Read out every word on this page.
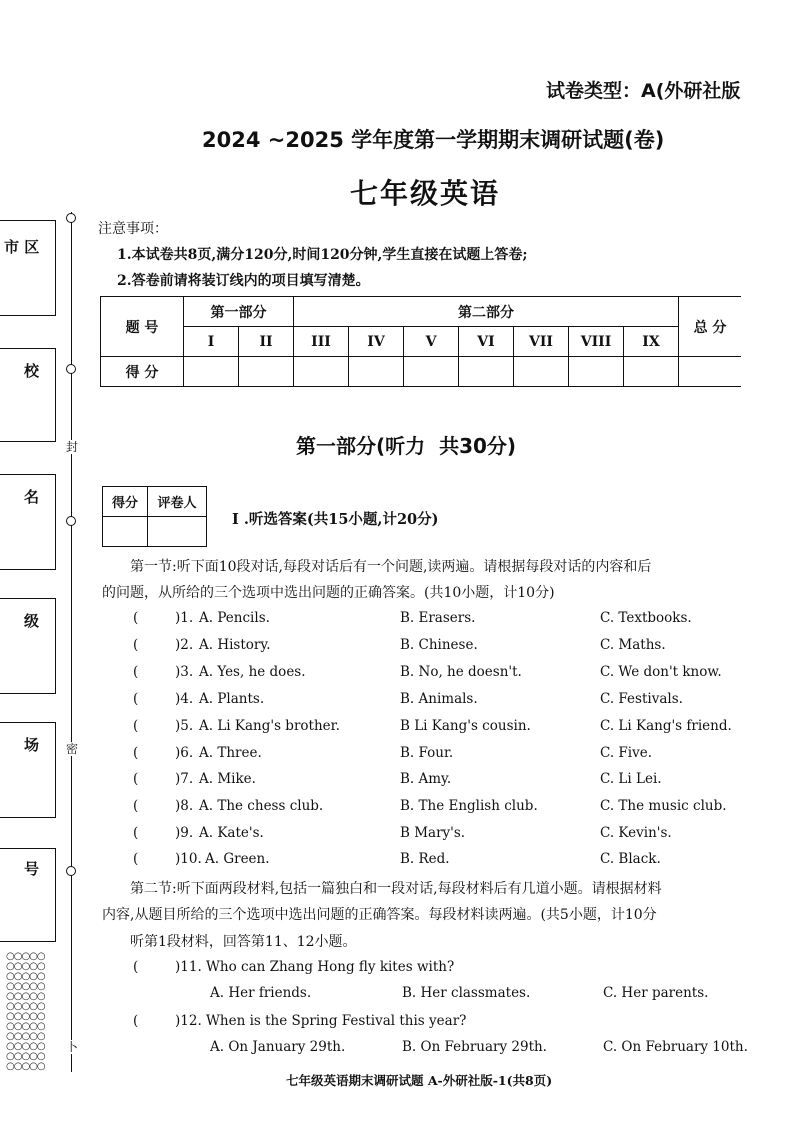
试卷类型：A(外研社版
2024 ~2025 学年度第一学期期末调研试题(卷)
七年级英语
市 区
校
名
级
场
号
封
密
卜
○○○○○
○○○○○
○○○○○
○○○○○
○○○○○
○○○○○
○○○○○
○○○○○
○○○○○
○○○○○
○○○○○
○○○○○
注意事项：
1.本试卷共8页,满分120分,时间120分钟,学生直接在试题上答卷;
2.答卷前请将装订线内的项目填写清楚。
题 号	第一部分		第二部分							总 分
	I	II	III	IV	V	VI	VII	VIII	IX	
得 分										
第一部分(听力  共30分)
得分	评卷人

I .听选答案(共15小题,计20分)
第一节:听下面10段对话,每段对话后有一个问题,读两遍。请根据每段对话的内容和后
的问题，从所给的三个选项中选出问题的正确答案。(共10小题，计10分)
(	)1. A. Pencils.	B. Erasers.	C. Textbooks.
(	)2. A. History.	B. Chinese.	C. Maths.
(	)3. A. Yes, he does.	B. No, he doesn't.	C. We don't know.
(	)4. A. Plants.	B. Animals.	C. Festivals.
(	)5. A. Li Kang's brother.	B Li Kang's cousin.	C. Li Kang's friend.
(	)6. A. Three.	B. Four.	C. Five.
(	)7. A. Mike.	B. Amy.	C. Li Lei.
(	)8. A. The chess club.	B. The English club.	C. The music club.
(	)9. A. Kate's.	B Mary's.	C. Kevin's.
(	)10. A. Green.	B. Red.	C. Black.
第二节:听下面两段材料,包括一篇独白和一段对话,每段材料后有几道小题。请根据材料
内容,从题目所给的三个选项中选出问题的正确答案。每段材料读两遍。(共5小题，计10分
听第1段材料，回答第11、12小题。
(	)11. Who can Zhang Hong fly kites with?
A. Her friends.	B. Her classmates.	C. Her parents.
(	)12. When is the Spring Festival this year?
A. On January 29th.	B. On February 29th.	C. On February 10th.
七年级英语期末调研试题 A-外研社版-1(共8页)
